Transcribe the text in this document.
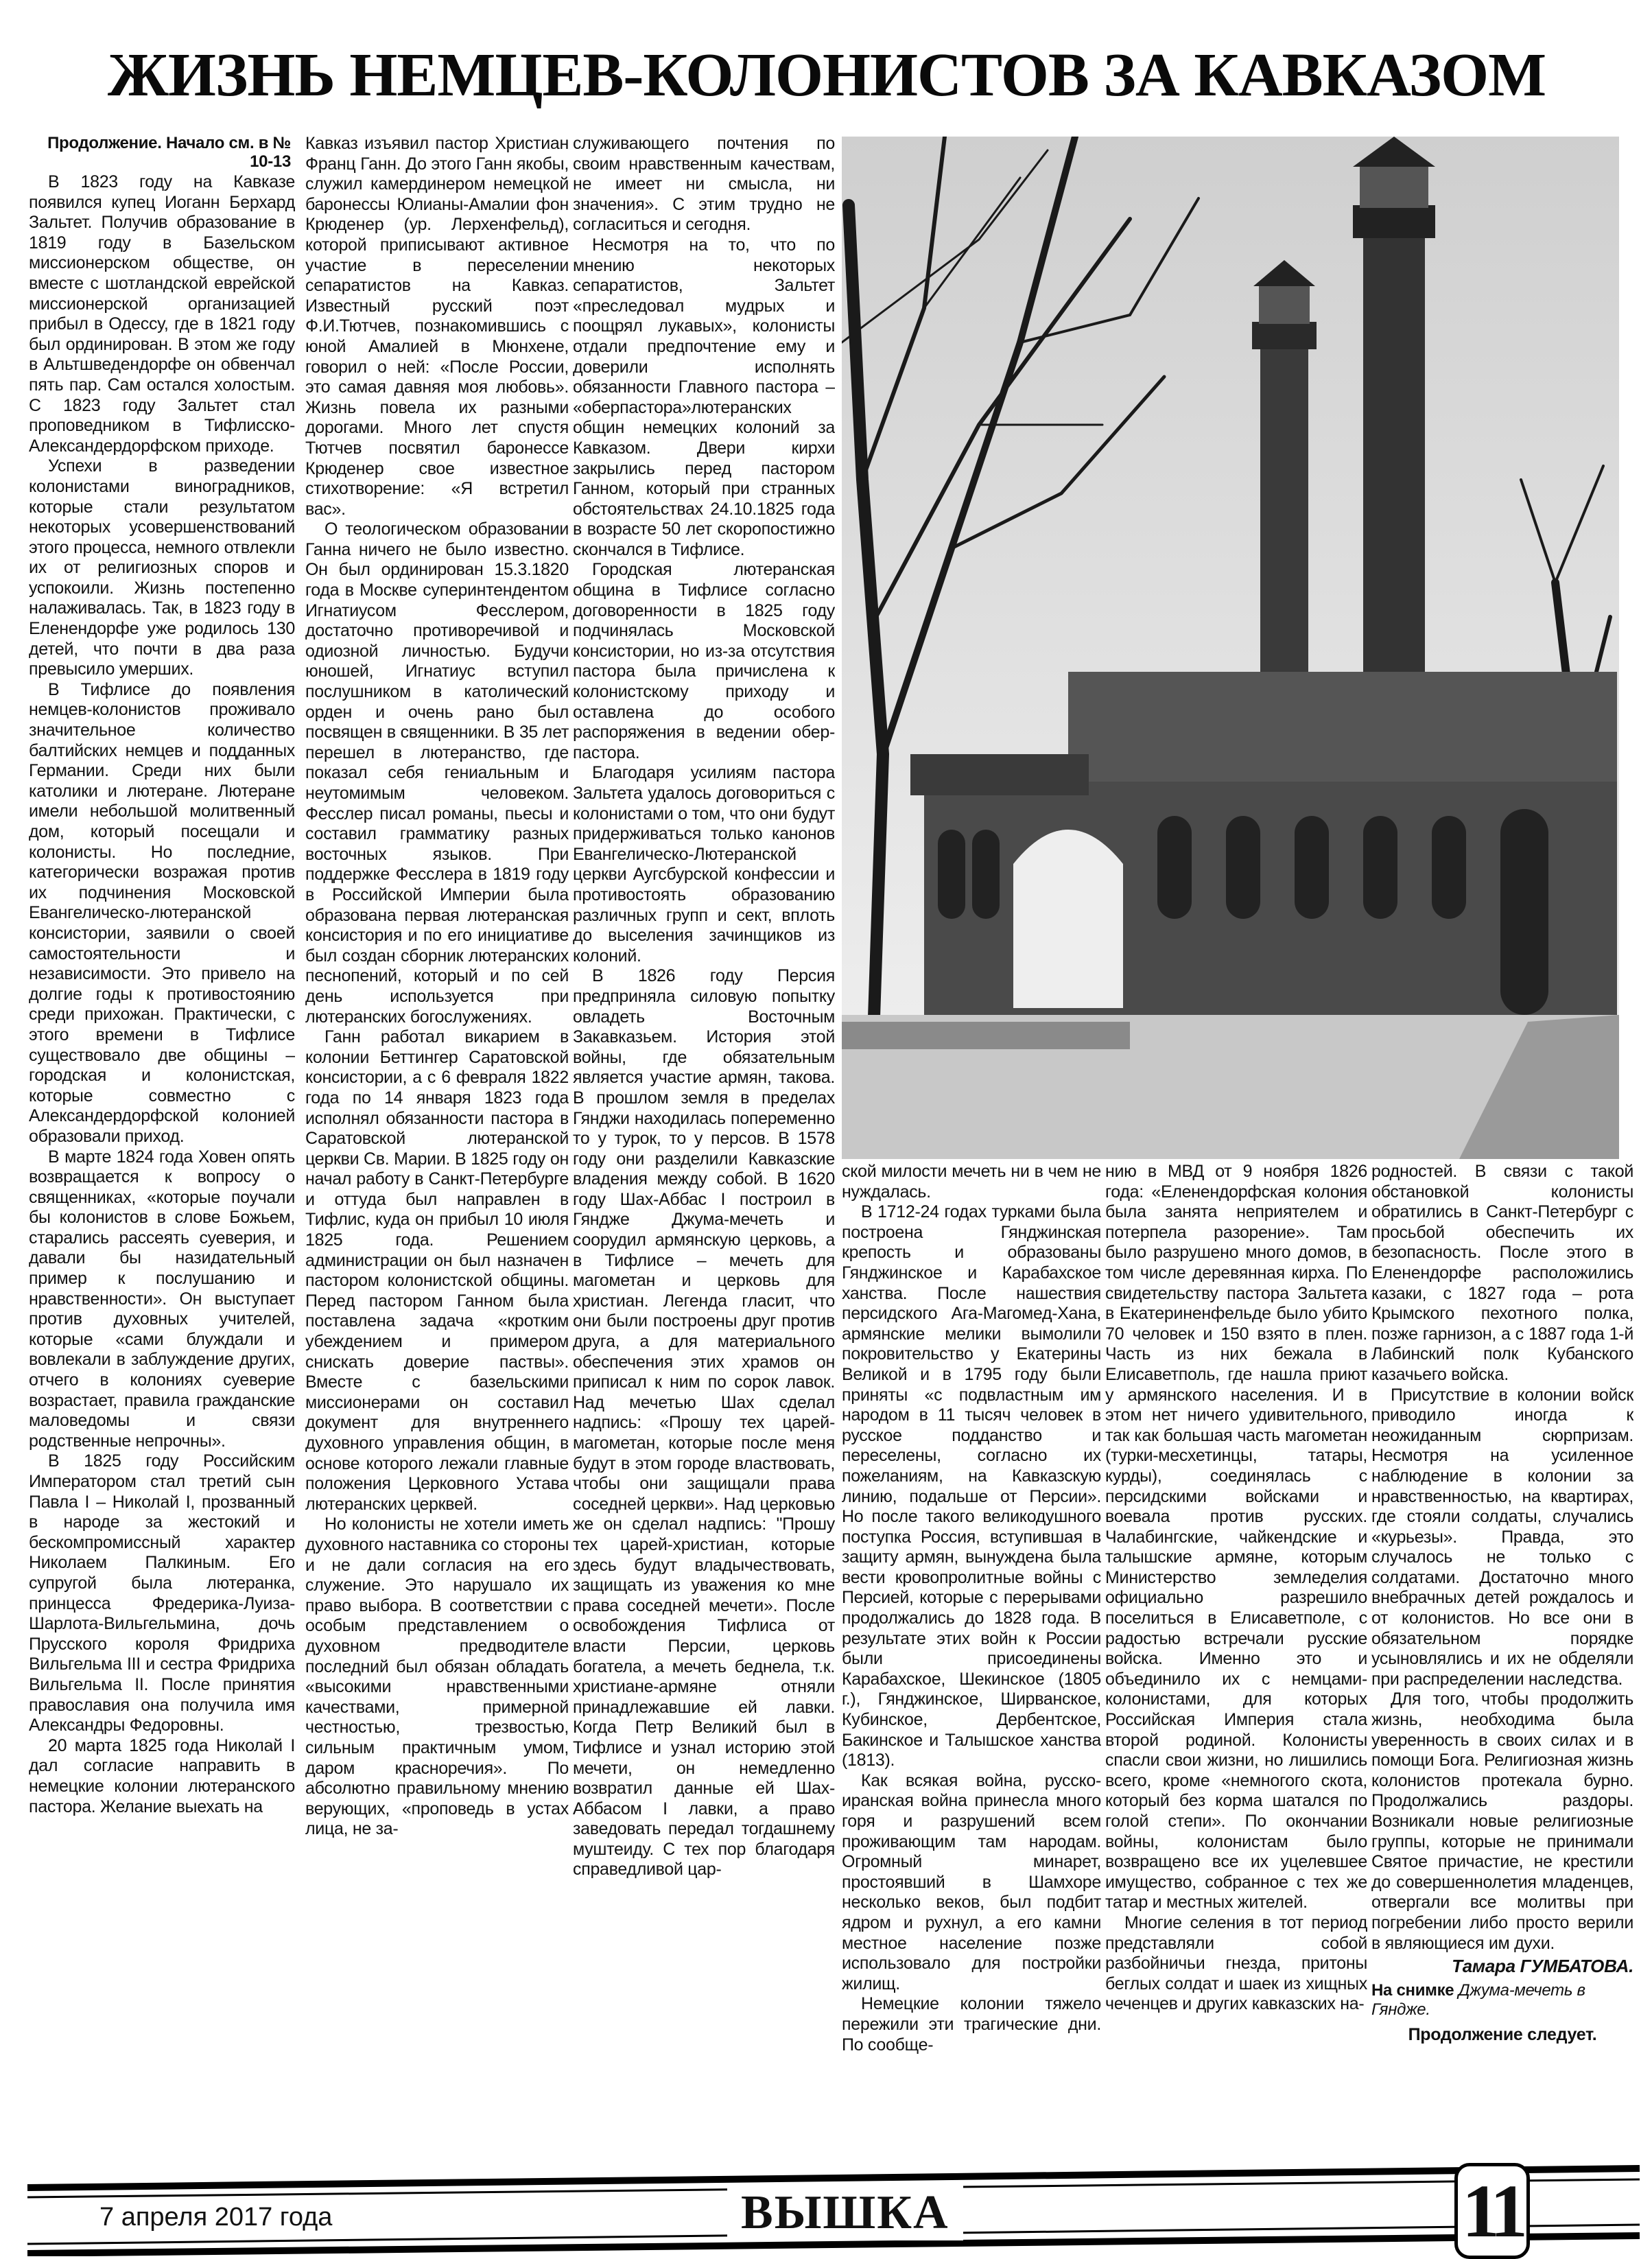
ЖИЗНЬ НЕМЦЕВ-КОЛОНИСТОВ ЗА КАВКАЗОМ
Продолжение. Начало см. в № 10-13

В 1823 году на Кавказе появился купец Иоганн Берхард Зальтет. Получив образование в 1819 году в Базельском миссионерском обществе, он вместе с шотландской еврейской миссионерской организацией прибыл в Одессу, где в 1821 году был ординирован. В этом же году в Альтшведендорфе он обвенчал пять пар. Сам остался холостым. С 1823 году Зальтет стал проповедником в Тифлисско-Александердорфском приходе.

Успехи в разведении колонистами виноградников, которые стали результатом некоторых усовершенствований этого процесса, немного отвлекли их от религиозных споров и успокоили. Жизнь постепенно налаживалась. Так, в 1823 году в Еленендорфе уже родилось 130 детей, что почти в два раза превысило умерших.

В Тифлисе до появления немцев-колонистов проживало значительное количество балтийских немцев и подданных Германии. Среди них были католики и лютеране. Лютеране имели небольшой молитвенный дом, который посещали и колонисты. Но последние, категорически возражая против их подчинения Московской Евангелическо-лютеранской консистории, заявили о своей самостоятельности и независимости. Это привело на долгие годы к противостоянию среди прихожан. Практически, с этого времени в Тифлисе существовало две общины – городская и колонистская, которые совместно с Александердорфской колонией образовали приход.

В марте 1824 года Ховен опять возвращается к вопросу о священниках, «которые поучали бы колонистов в слове Божьем, старались рассеять суеверия, и давали бы назидательный пример к послушанию и нравственности». Он выступает против духовных учителей, которые «сами блуждали и вовлекали в заблуждение других, отчего в колониях суеверие возрастает, правила гражданские маловедомы и связи родственные непрочны».

В 1825 году Российским Императором стал третий сын Павла I – Николай I, прозванный в народе за жестокий и бескомпромиссный характер Николаем Палкиным. Его супругой была лютеранка, принцесса Фредерика-Луиза-Шарлота-Вильгельмина, дочь Прусского короля Фридриха Вильгельма III и сестра Фридриха Вильгельма II. После принятия православия она получила имя Александры Федоровны.

20 марта 1825 года Николай I дал согласие направить в немецкие колонии лютеранского пастора. Желание выехать на

Кавказ изъявил пастор Христиан Франц Ганн. До этого Ганн якобы, служил камердинером немецкой баронессы Юлианы-Амалии фон Крюденер (ур. Лерхенфельд), которой приписывают активное участие в переселении сепаратистов на Кавказ. Известный русский поэт Ф.И.Тютчев, познакомившись с юной Амалией в Мюнхене, говорил о ней: «После России, это самая давняя моя любовь». Жизнь повела их разными дорогами. Много лет спустя Тютчев посвятил баронессе Крюденер свое известное стихотворение: «Я встретил вас».

О теологическом образовании Ганна ничего не было известно. Он был ординирован 15.3.1820 года в Москве суперинтендентом Игнатиусом Фесслером, достаточно противоречивой и одиозной личностью. Будучи юношей, Игнатиус вступил послушником в католический орден и очень рано был посвящен в священники. В 35 лет перешел в лютеранство, где показал себя гениальным и неутомимым человеком. Фесслер писал романы, пьесы и составил грамматику разных восточных языков. При поддержке Фесслера в 1819 году в Российской Империи была образована первая лютеранская консистория и по его инициативе был создан сборник лютеранских песнопений, который и по сей день используется при лютеранских богослужениях.

Ганн работал викарием в колонии Беттингер Саратовской консистории, а с 6 февраля 1822 года по 14 января 1823 года исполнял обязанности пастора в Саратовской лютеранской церкви Св. Марии. В 1825 году он начал работу в Санкт-Петербурге и оттуда был направлен в Тифлис, куда он прибыл 10 июля 1825 года. Решением администрации он был назначен пастором колонистской общины. Перед пастором Ганном была поставлена задача «кротким убеждением и примером снискать доверие паствы». Вместе с базельскими миссионерами он составил документ для внутреннего духовного управления общин, в основе которого лежали главные положения Церковного Устава лютеранских церквей.

Но колонисты не хотели иметь духовного наставника со стороны и не дали согласия на его служение. Это нарушало их право выбора. В соответствии с особым представлением о духовном предводителе последний был обязан обладать «высокими нравственными качествами, примерной честностью, трезвостью, сильным практичным умом, даром красноречия». По абсолютно правильному мнению верующих, «проповедь в устах лица, не за-

служивающего почтения по своим нравственным качествам, не имеет ни смысла, ни значения». С этим трудно не согласиться и сегодня.

Несмотря на то, что по мнению некоторых сепаратистов, Зальтет «преследовал мудрых и поощрял лукавых», колонисты отдали предпочтение ему и доверили исполнять обязанности Главного пастора – «оберпастора»лютеранских общин немецких колоний за Кавказом. Двери кирхи закрылись перед пастором Ганном, который при странных обстоятельствах 24.10.1825 года в возрасте 50 лет скоропостижно скончался в Тифлисе.

Городская лютеранская община в Тифлисе согласно договоренности в 1825 году подчинялась Московской консистории, но из-за отсутствия пастора была причислена к колонистскому приходу и оставлена до особого распоряжения в ведении обер-пастора.

Благодаря усилиям пастора Зальтета удалось договориться с колонистами о том, что они будут придерживаться только канонов Евангелическо-Лютеранской церкви Аугсбурской конфессии и противостоять образованию различных групп и сект, вплоть до выселения зачинщиков из колоний.

В 1826 году Персия предприняла силовую попытку овладеть Восточным Закавказьем. История этой войны, где обязательным является участие армян, такова. В прошлом земля в пределах Гянджи находилась попеременно то у турок, то у персов. В 1578 году они разделили Кавказские владения между собой. В 1620 году Шах-Аббас I построил в Гяндже Джума-мечеть и соорудил армянскую церковь, а в Тифлисе – мечеть для магометан и церковь для христиан. Легенда гласит, что они были построены друг против друга, а для материального обеспечения этих храмов он приписал к ним по сорок лавок. Над мечетью Шах сделал надпись: «Прошу тех царей-магометан, которые после меня будут в этом городе властвовать, чтобы они защищали права соседней церкви». Над церковью же он сделал надпись: "Прошу тех царей-христиан, которые здесь будут владычествовать, защищать из уважения ко мне права соседней мечети». После освобождения Тифлиса от власти Персии, церковь богатела, а мечеть беднела, т.к. христиане-армяне отняли принадлежавшие ей лавки. Когда Петр Великий был в Тифлисе и узнал историю этой мечети, он немедленно возвратил данные ей Шах-Аббасом I лавки, а право заведовать передал тогдашнему муштеиду. С тех пор благодаря справедливой цар-

ской милости мечеть ни в чем не нуждалась.

В 1712-24 годах турками была построена Гянджинская крепость и образованы Гянджинское и Карабахское ханства. После нашествия персидского Ага-Магомед-Хана, армянские мелики вымолили покровительство у Екатерины Великой и в 1795 году были приняты «с подвластным им народом в 11 тысяч человек в русское подданство и переселены, согласно их пожеланиям, на Кавказскую линию, подальше от Персии». Но после такого великодушного поступка Россия, вступившая в защиту армян, вынуждена была вести кровопролитные войны с Персией, которые с перерывами продолжались до 1828 года. В результате этих войн к России были присоединены Карабахское, Шекинское (1805 г.), Гянджинское, Ширванское, Кубинское, Дербентское, Бакинское и Талышское ханства (1813).

Как всякая война, русско-иранская война принесла много горя и разрушений всем проживающим там народам. Огромный минарет, простоявший в Шамхоре несколько веков, был подбит ядром и рухнул, а его камни местное население позже использовало для постройки жилищ.

Немецкие колонии тяжело пережили эти трагические дни. По сообще-

нию в МВД от 9 ноября 1826 года: «Еленендорфская колония была занята неприятелем и потерпела разорение». Там было разрушено много домов, в том числе деревянная кирха. По свидетельству пастора Зальтета в Екатериненфельде было убито 70 человек и 150 взято в плен. Часть из них бежала в Елисаветполь, где нашла приют у армянского населения. И в этом нет ничего удивительного, так как большая часть магометан (турки-месхетинцы, татары, курды), соединялась с персидскими войсками и воевала против русских. Чалабингские, чайкендские и талышские армяне, которым Министерство земледелия официально разрешило поселиться в Елисаветполе, с радостью встречали русские войска. Именно это и объединило их с немцами-колонистами, для которых Российская Империя стала второй родиной. Колонисты спасли свои жизни, но лишились всего, кроме «немногого скота, который без корма шатался по голой степи». По окончании войны, колонистам было возвращено все их уцелевшее имущество, собранное с тех же татар и местных жителей.

Многие селения в тот период представляли собой разбойничьи гнезда, притоны беглых солдат и шаек из хищных чеченцев и других кавказских на-

родностей. В связи с такой обстановкой колонисты обратились в Санкт-Петербург с просьбой обеспечить их безопасность. После этого в Еленендорфе расположились казаки, с 1827 года – рота Крымского пехотного полка, позже гарнизон, а с 1887 года 1-й Лабинский полк Кубанского казачьего войска.

Присутствие в колонии войск приводило иногда к неожиданным сюрпризам. Несмотря на усиленное наблюдение в колонии за нравственностью, на квартирах, где стояли солдаты, случались «курьезы». Правда, это случалось не только с солдатами. Достаточно много внебрачных детей рождалось и от колонистов. Но все они в обязательном порядке усыновлялись и их не обделяли при распределении наследства.

Для того, чтобы продолжить жизнь, необходима была уверенность в своих силах и в помощи Бога. Религиозная жизнь колонистов протекала бурно. Продолжались раздоры. Возникали новые религиозные группы, которые не принимали Святое причастие, не крестили до совершеннолетия младенцев, отвергали все молитвы при погребении либо просто верили в являющиеся им духи.

Тамара ГУМБАТОВА.
На снимке Джума-мечеть в Гяндже.
Продолжение следует.
7 апреля 2017 года	ВЫШКА	11
